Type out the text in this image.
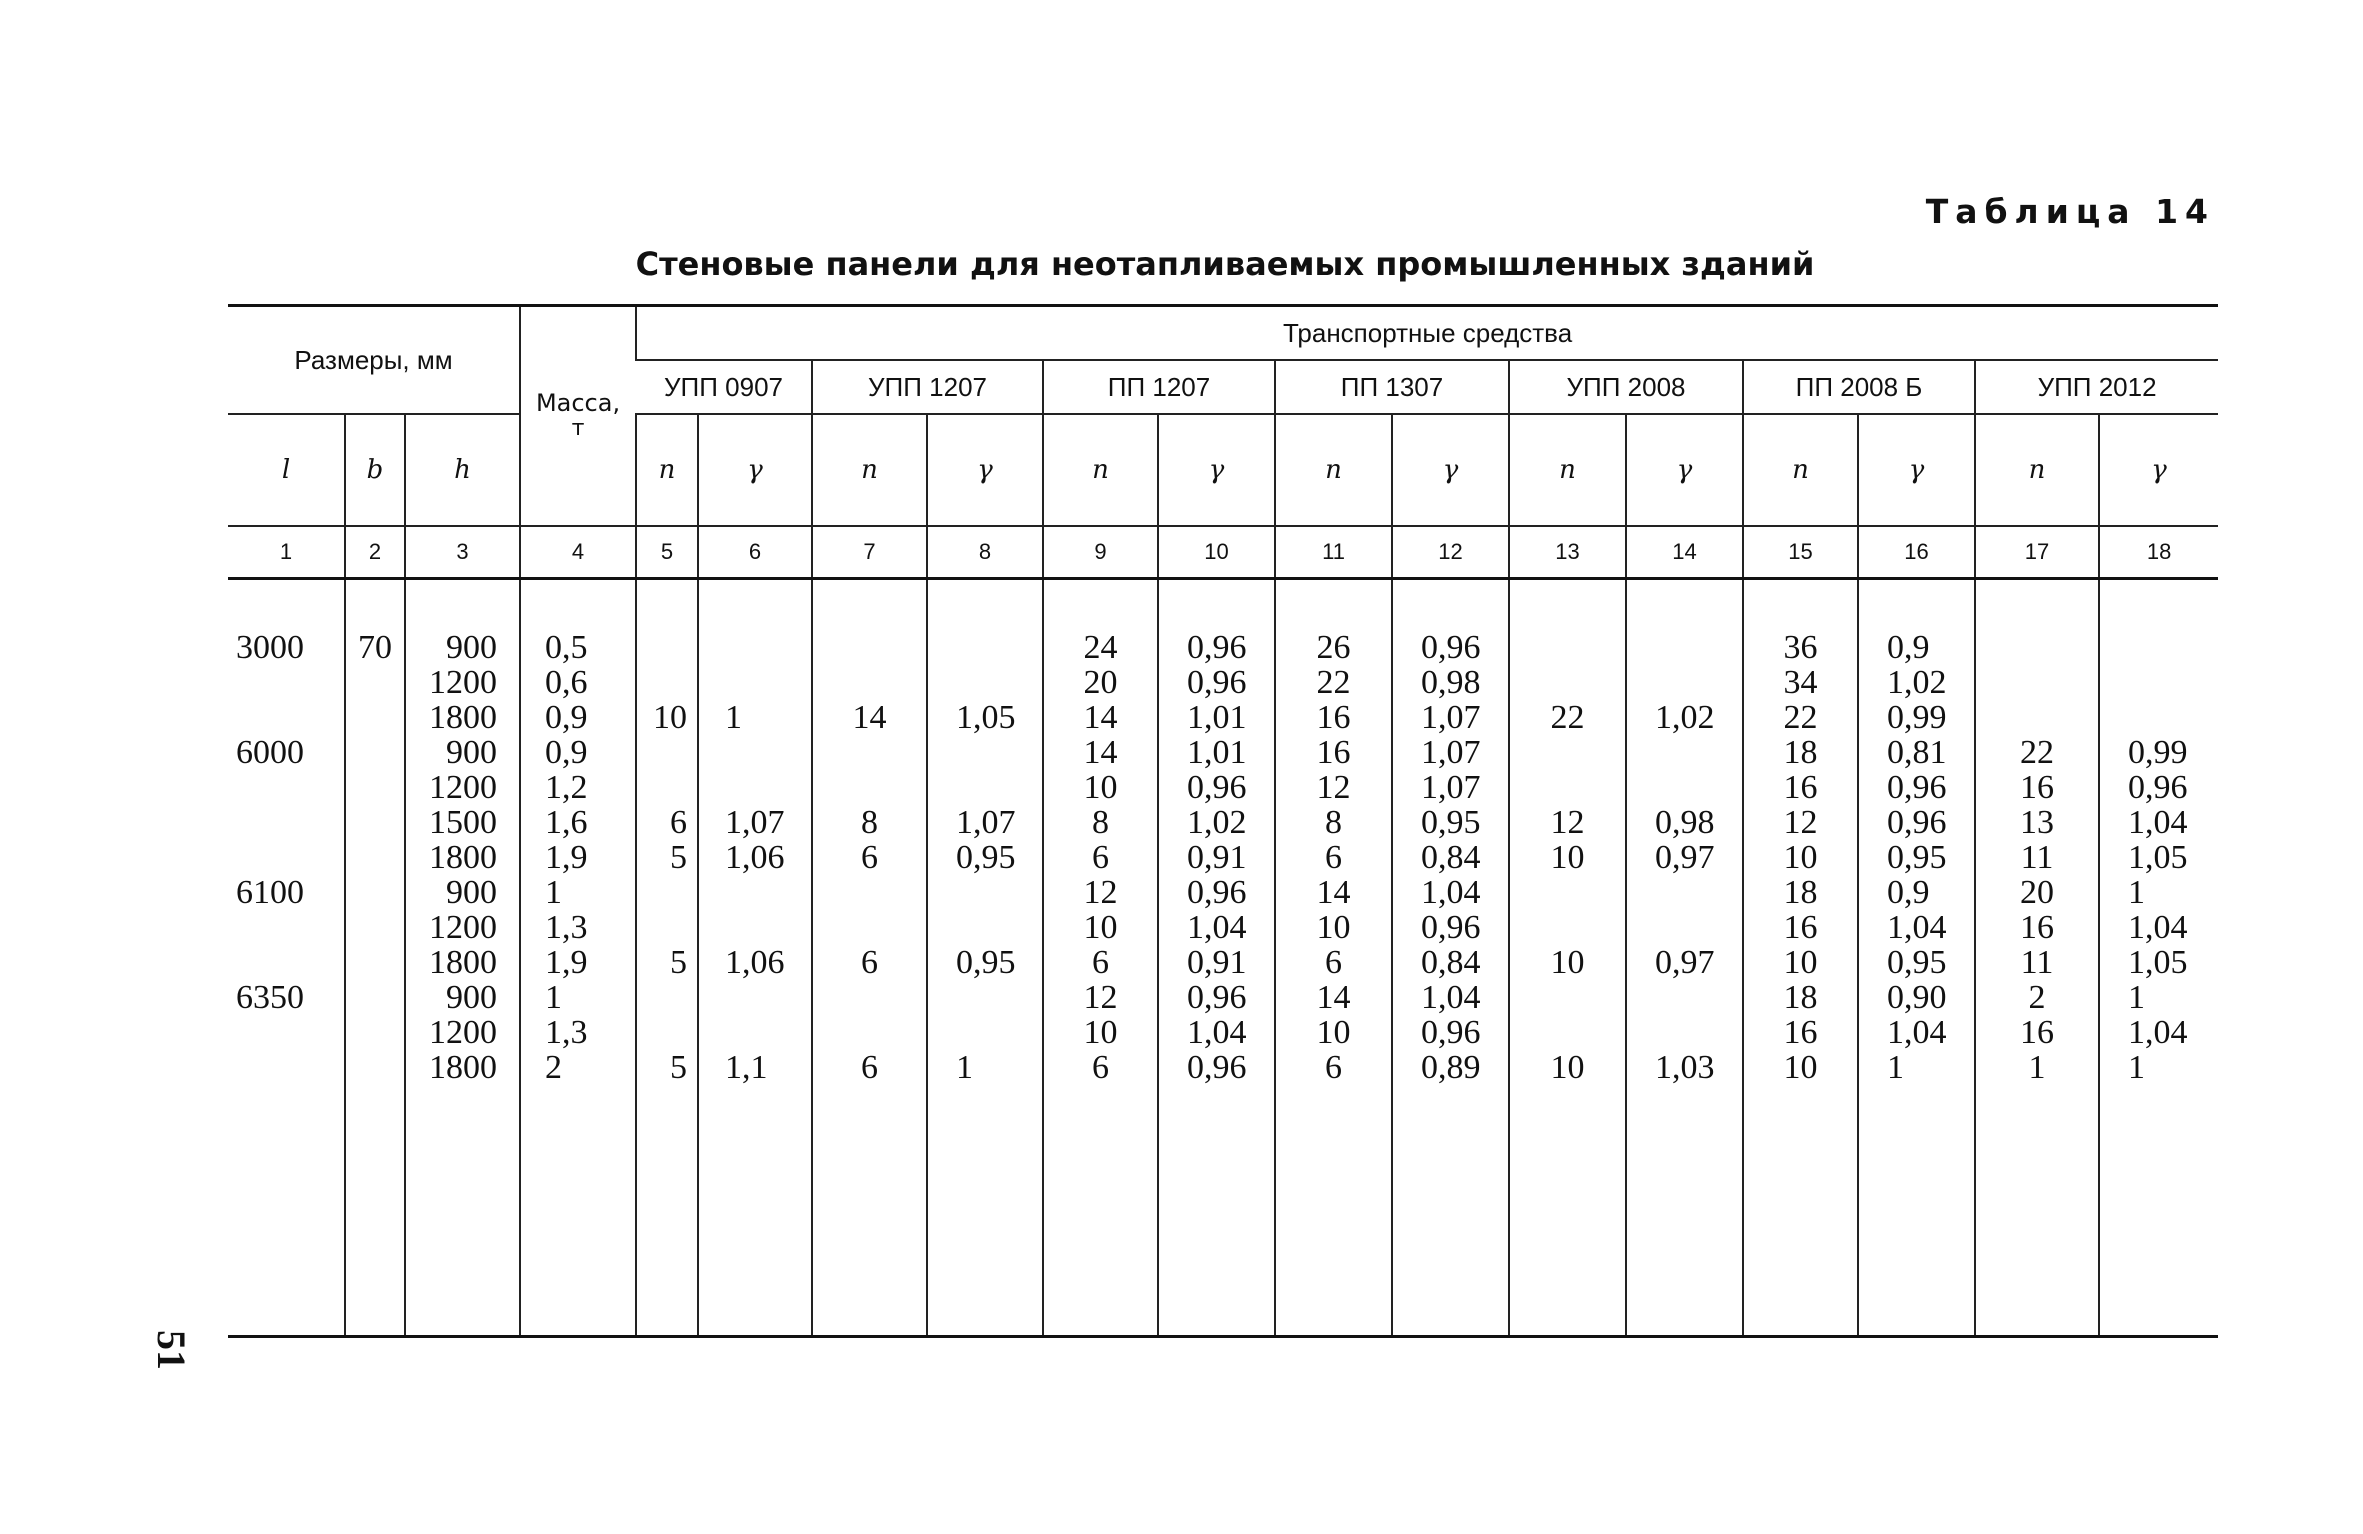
Таблица 14
Стеновые панели для неотапливаемых промышленных зданий
51
Размеры, мм			Масса,
т	Транспортные средства													
				УПП 0907		УПП 1207		ПП 1207		ПП 1307		УПП 2008		ПП 2008 Б		УПП 2012	
l	b	h		n	γ	n	γ	n	γ	n	γ	n	γ	n	γ	n	γ
1	2	3	4	5	6	7	8	9	10	11	12	13	14	15	16	17	18

3000	70	900	0,5					24	0,96	26	0,96			36	0,9		
		1200	0,6					20	0,96	22	0,98			34	1,02		
		1800	0,9	10	1	14	1,05	14	1,01	16	1,07	22	1,02	22	0,99		
6000		900	0,9					14	1,01	16	1,07			18	0,81	22	0,99
		1200	1,2					10	0,96	12	1,07			16	0,96	16	0,96
		1500	1,6	6	1,07	8	1,07	8	1,02	8	0,95	12	0,98	12	0,96	13	1,04
		1800	1,9	5	1,06	6	0,95	6	0,91	6	0,84	10	0,97	10	0,95	11	1,05
6100		900	1					12	0,96	14	1,04			18	0,9	20	1
		1200	1,3					10	1,04	10	0,96			16	1,04	16	1,04
		1800	1,9	5	1,06	6	0,95	6	0,91	6	0,84	10	0,97	10	0,95	11	1,05
6350		900	1					12	0,96	14	1,04			18	0,90	2	1
		1200	1,3					10	1,04	10	0,96			16	1,04	16	1,04
		1800	2	5	1,1	6	1	6	0,96	6	0,89	10	1,03	10	1	1	1
